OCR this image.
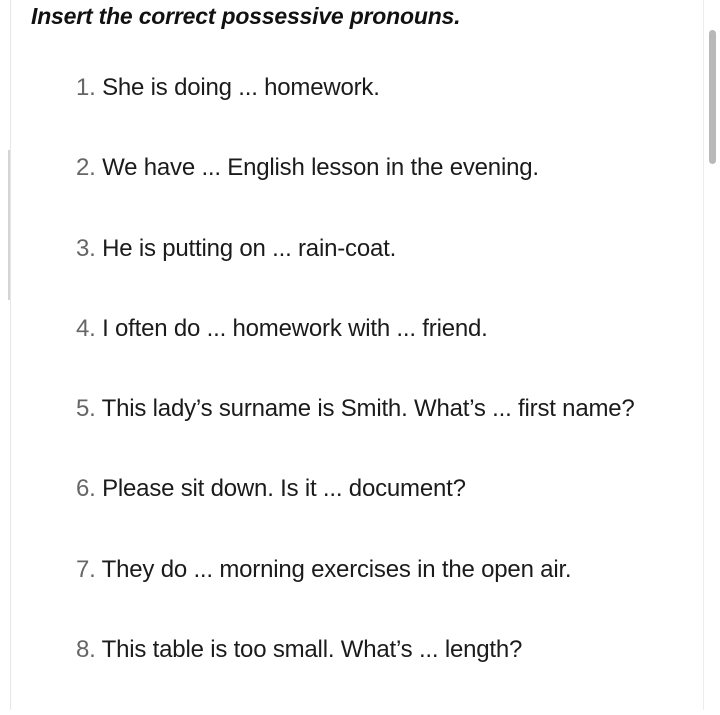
Insert the correct possessive pronouns.
1. She is doing ... homework.
2. We have ... English lesson in the evening.
3. He is putting on ... rain-coat.
4. I often do ... homework with ... friend.
5. This lady’s surname is Smith. What’s ... first name?
6. Please sit down. Is it ... document?
7. They do ... morning exercises in the open air.
8. This table is too small. What’s ... length?
